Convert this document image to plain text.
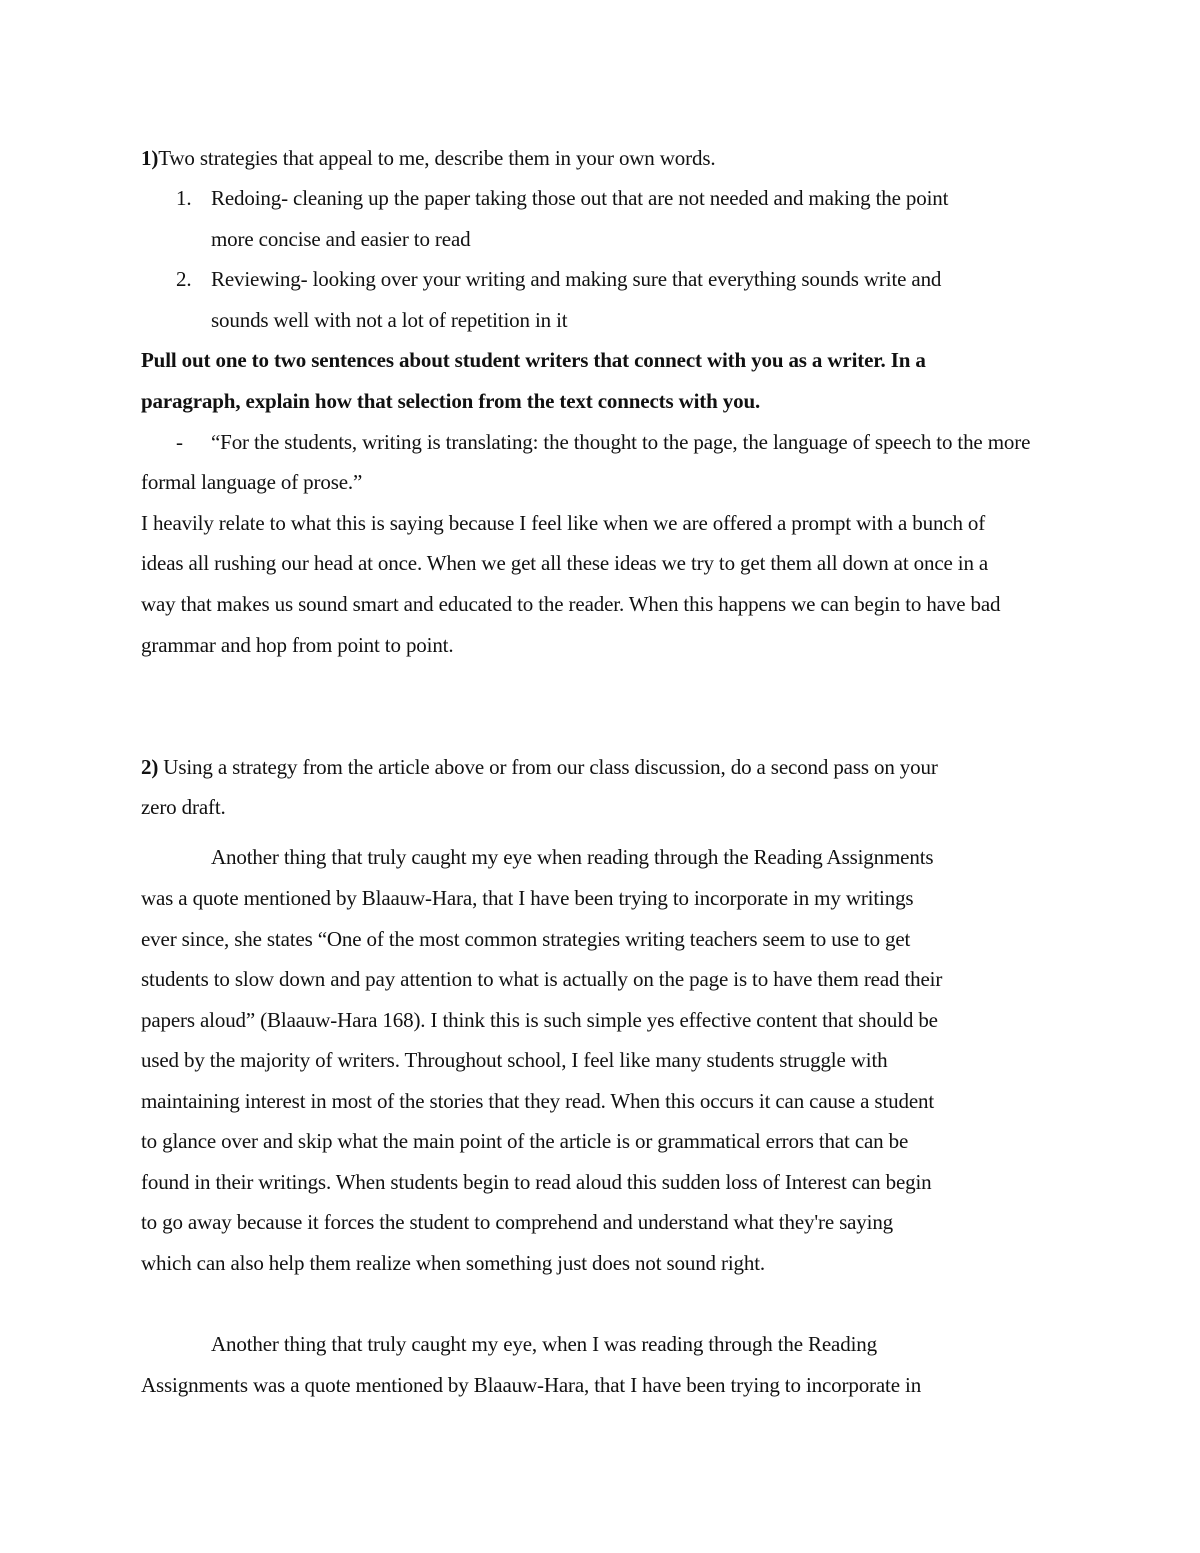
1)Two strategies that appeal to me, describe them in your own words.
1. Redoing- cleaning up the paper taking those out that are not needed and making the point
more concise and easier to read
2. Reviewing- looking over your writing and making sure that everything sounds write and
sounds well with not a lot of repetition in it
Pull out one to two sentences about student writers that connect with you as a writer. In a
paragraph, explain how that selection from the text connects with you.
- “For the students, writing is translating: the thought to the page, the language of speech to the more
formal language of prose.”
I heavily relate to what this is saying because I feel like when we are offered a prompt with a bunch of
ideas all rushing our head at once. When we get all these ideas we try to get them all down at once in a
way that makes us sound smart and educated to the reader. When this happens we can begin to have bad
grammar and hop from point to point.
2) Using a strategy from the article above or from our class discussion, do a second pass on your
zero draft.
Another thing that truly caught my eye when reading through the Reading Assignments
was a quote mentioned by Blaauw-Hara, that I have been trying to incorporate in my writings
ever since, she states “One of the most common strategies writing teachers seem to use to get
students to slow down and pay attention to what is actually on the page is to have them read their
papers aloud” (Blaauw-Hara 168). I think this is such simple yes effective content that should be
used by the majority of writers. Throughout school, I feel like many students struggle with
maintaining interest in most of the stories that they read. When this occurs it can cause a student
to glance over and skip what the main point of the article is or grammatical errors that can be
found in their writings. When students begin to read aloud this sudden loss of Interest can begin
to go away because it forces the student to comprehend and understand what they're saying
which can also help them realize when something just does not sound right.
Another thing that truly caught my eye, when I was reading through the Reading
Assignments was a quote mentioned by Blaauw-Hara, that I have been trying to incorporate in
